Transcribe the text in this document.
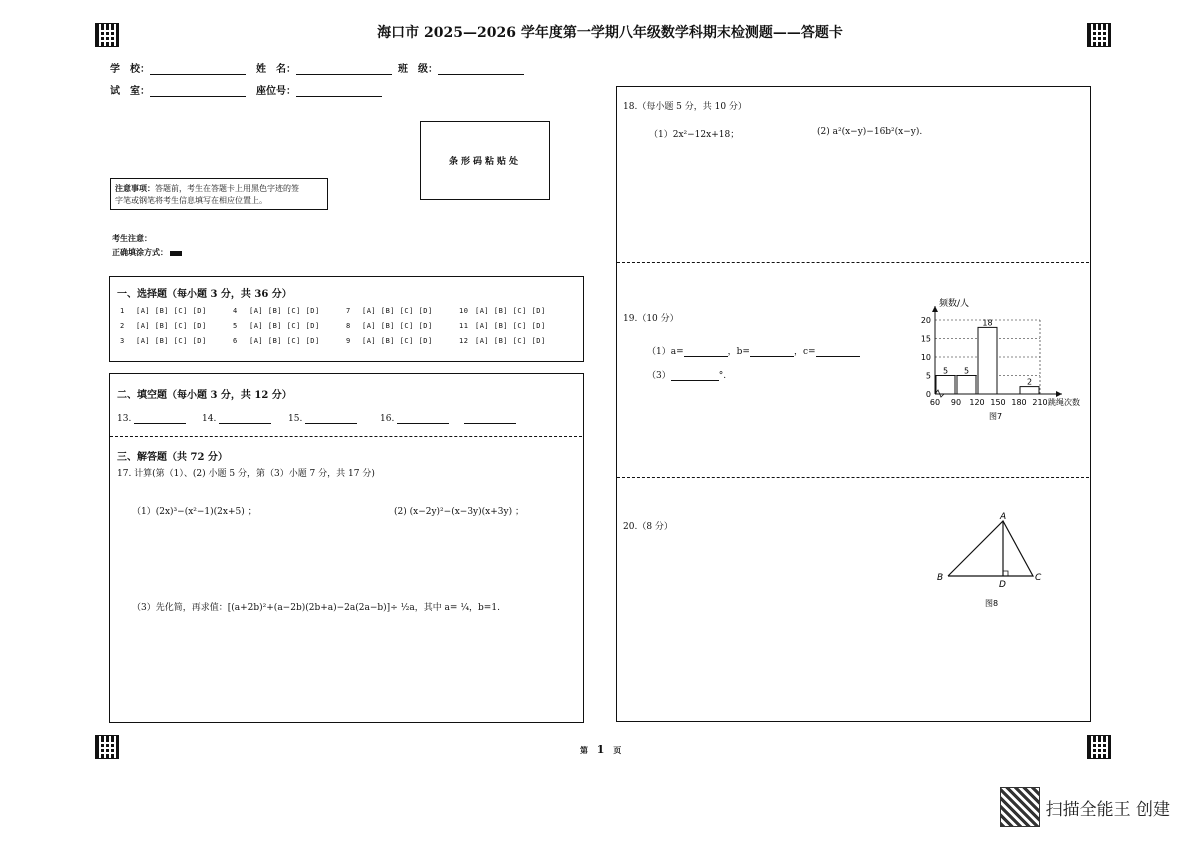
海口市 2025—2026 学年度第一学期八年级数学科期末检测题——答题卡
学　校：	姓　名：	班　级：
试　室：	座位号：
条形码粘贴处
注意事项：答题前，考生在答题卡上用黑色字迹的签
字笔或钢笔将考生信息填写在相应位置上。
考生注意：
正确填涂方式：
一、选择题（每小题 3 分，共 36 分）
1 [A] [B] [C] [D]	4 [A] [B] [C] [D]	7 [A] [B] [C] [D]	10 [A] [B] [C] [D]
2 [A] [B] [C] [D]	5 [A] [B] [C] [D]	8 [A] [B] [C] [D]	11 [A] [B] [C] [D]
3 [A] [B] [C] [D]	6 [A] [B] [C] [D]	9 [A] [B] [C] [D]	12 [A] [B] [C] [D]
二、填空题（每小题 3 分，共 12 分）
13.	14.	15.	16.
三、解答题（共 72 分）
17. 计算(第（1）、(2) 小题 5 分，第（3）小题 7 分，共 17 分)
（1）(2x)³−(x²−1)(2x+5) ；	(2) (x−2y)²−(x−3y)(x+3y) ；
（3）先化简，再求值：[(a+2b)²+(a−2b)(2b+a)−2a(2a−b)]÷ ½a，其中 a= ¼，b=1.
18.（每小题 5 分，共 10 分）
（1）2x²−12x+18；	(2) a²(x−y)−16b²(x−y).
19.（10 分）
（1）a=	，b=	，c=
（3）	°.
0
5
10
15
20
5 5
18
2
60 90 120 150 180 210
频数/人
跳绳次数
图7
20.（8 分）
A
B	C
D
图8
第 1 页
扫描全能王 创建
